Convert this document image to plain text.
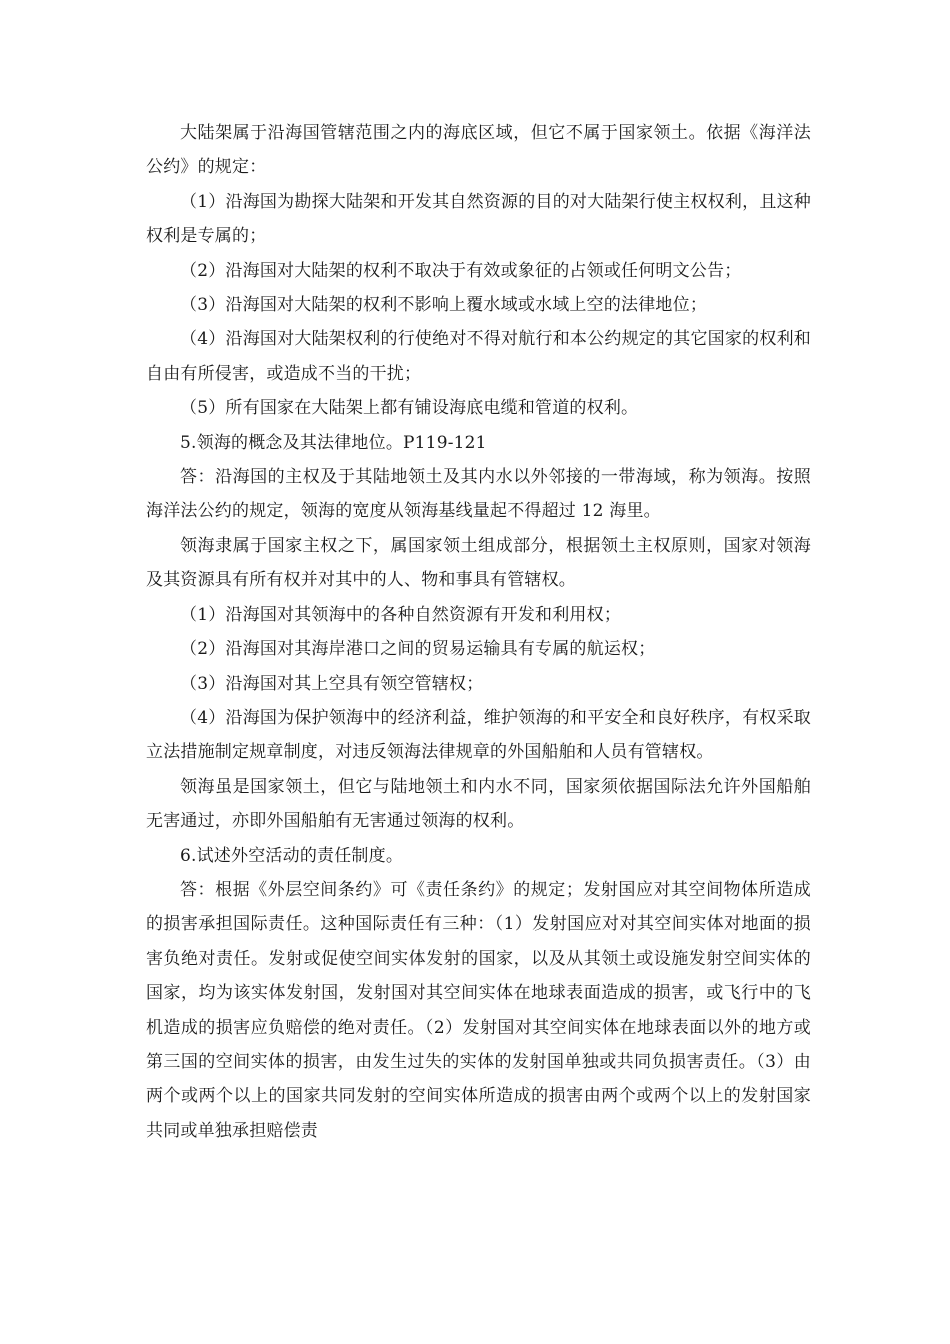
大陆架属于沿海国管辖范围之内的海底区域，但它不属于国家领土。依据《海洋法公约》的规定：

（1）沿海国为勘探大陆架和开发其自然资源的目的对大陆架行使主权权利，且这种权利是专属的；

（2）沿海国对大陆架的权利不取决于有效或象征的占领或任何明文公告；

（3）沿海国对大陆架的权利不影响上覆水域或水域上空的法律地位；

（4）沿海国对大陆架权利的行使绝对不得对航行和本公约规定的其它国家的权利和自由有所侵害，或造成不当的干扰；

（5）所有国家在大陆架上都有铺设海底电缆和管道的权利。

5.领海的概念及其法律地位。P119-121

答：沿海国的主权及于其陆地领土及其内水以外邻接的一带海域，称为领海。按照海洋法公约的规定，领海的宽度从领海基线量起不得超过 12 海里。

领海隶属于国家主权之下，属国家领土组成部分，根据领土主权原则，国家对领海及其资源具有所有权并对其中的人、物和事具有管辖权。

（1）沿海国对其领海中的各种自然资源有开发和利用权；

（2）沿海国对其海岸港口之间的贸易运输具有专属的航运权；

（3）沿海国对其上空具有领空管辖权；

（4）沿海国为保护领海中的经济利益，维护领海的和平安全和良好秩序，有权采取立法措施制定规章制度，对违反领海法律规章的外国船舶和人员有管辖权。

领海虽是国家领土，但它与陆地领土和内水不同，国家须依据国际法允许外国船舶无害通过，亦即外国船舶有无害通过领海的权利。

6.试述外空活动的责任制度。

答：根据《外层空间条约》可《责任条约》的规定；发射国应对其空间物体所造成的损害承担国际责任。这种国际责任有三种：（1）发射国应对对其空间实体对地面的损害负绝对责任。发射或促使空间实体发射的国家，以及从其领土或设施发射空间实体的国家，均为该实体发射国，发射国对其空间实体在地球表面造成的损害，或飞行中的飞机造成的损害应负赔偿的绝对责任。（2）发射国对其空间实体在地球表面以外的地方或第三国的空间实体的损害，由发生过失的实体的发射国单独或共同负损害责任。（3）由两个或两个以上的国家共同发射的空间实体所造成的损害由两个或两个以上的发射国家共同或单独承担赔偿责
